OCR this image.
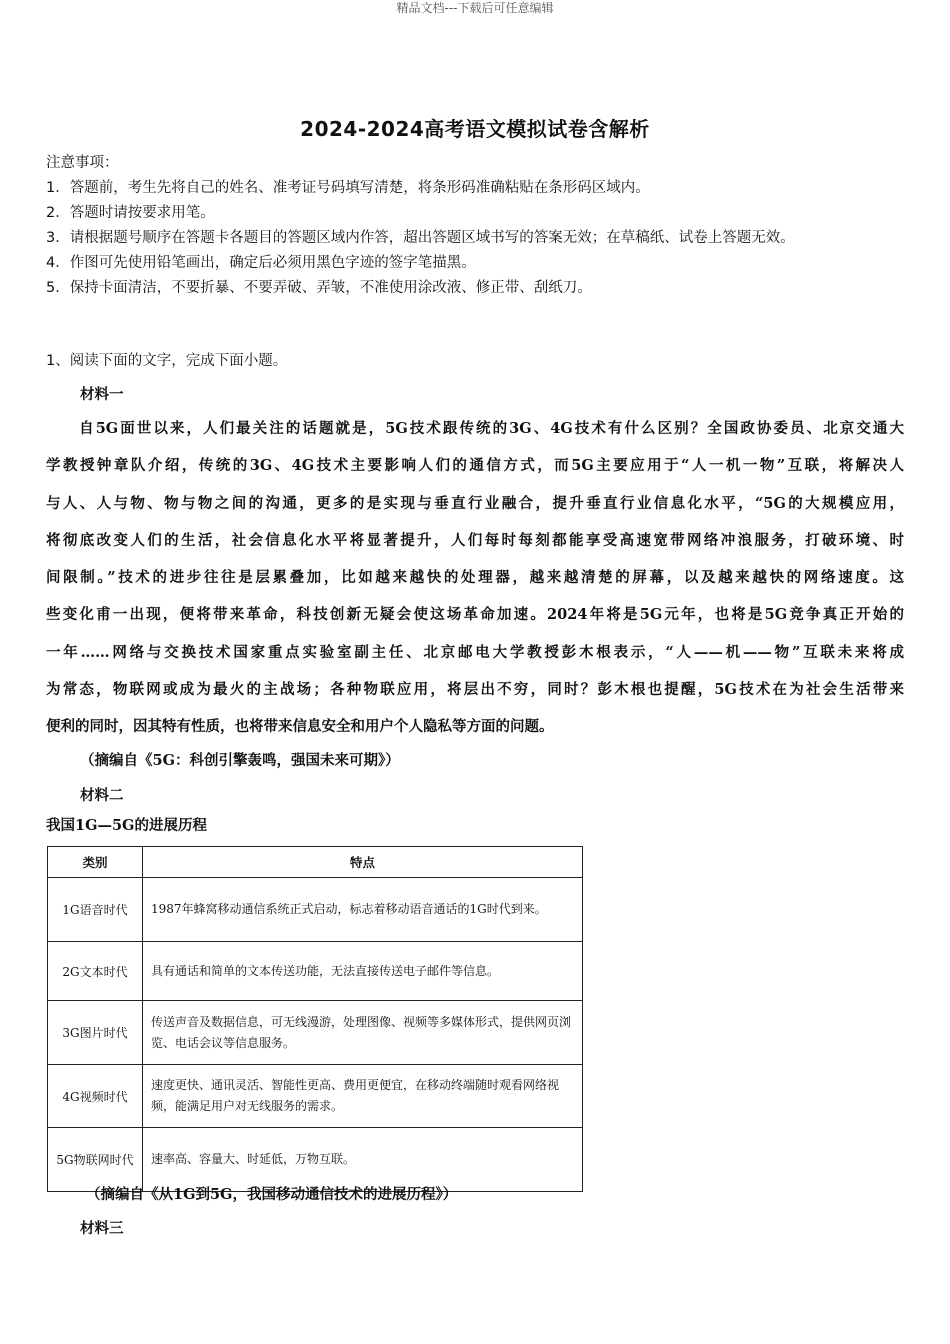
精品文档---下载后可任意编辑
2024-2024高考语文模拟试卷含解析
注意事项：
1．答题前，考生先将自己的姓名、准考证号码填写清楚，将条形码准确粘贴在条形码区域内。
2．答题时请按要求用笔。
3．请根据题号顺序在答题卡各题目的答题区域内作答，超出答题区域书写的答案无效；在草稿纸、试卷上答题无效。
4．作图可先使用铅笔画出，确定后必须用黑色字迹的签字笔描黑。
5．保持卡面清洁，不要折暴、不要弄破、弄皱，不准使用涂改液、修正带、刮纸刀。
1、阅读下面的文字，完成下面小题。
材料一
　　自5G面世以来，人们最关注的话题就是，5G技术跟传统的3G、4G技术有什么区别？全国政协委员、北京交通大
学教授钟章队介绍，传统的3G、4G技术主要影响人们的通信方式，而5G主要应用于“人一机一物”互联，将解决人
与人、人与物、物与物之间的沟通，更多的是实现与垂直行业融合，提升垂直行业信息化水平，“5G的大规模应用，
将彻底改变人们的生活，社会信息化水平将显著提升，人们每时每刻都能享受高速宽带网络冲浪服务，打破环境、时
间限制。”技术的进步往往是层累叠加，比如越来越快的处理器，越来越清楚的屏幕，以及越来越快的网络速度。这
些变化甫一出现，便将带来革命，科技创新无疑会使这场革命加速。2024年将是5G元年，也将是5G竞争真正开始的
一年……网络与交换技术国家重点实验室副主任、北京邮电大学教授彭木根表示，“人——机——物”互联未来将成
为常态，物联网或成为最火的主战场；各种物联应用，将层出不穷，同时？彭木根也提醒，5G技术在为社会生活带来
便利的同时，因其特有性质，也将带来信息安全和用户个人隐私等方面的问题。
（摘编自《5G：科创引擎轰鸣，强国未来可期》）
材料二
我国1G—5G的进展历程
类别	特点
1G语音时代	1987年蜂窝移动通信系统正式启动，标志着移动语音通话的1G时代到来。
2G文本时代	具有通话和简单的文本传送功能，无法直接传送电子邮件等信息。
3G图片时代	传送声音及数据信息，可无线漫游，处理图像、视频等多媒体形式，提供网页浏览、电话会议等信息服务。
4G视频时代	速度更快、通讯灵活、智能性更高、费用更便宜，在移动终端随时观看网络视频，能满足用户对无线服务的需求。
5G物联网时代	速率高、容量大、时延低，万物互联。
（摘编自《从1G到5G，我国移动通信技术的进展历程》）
材料三
